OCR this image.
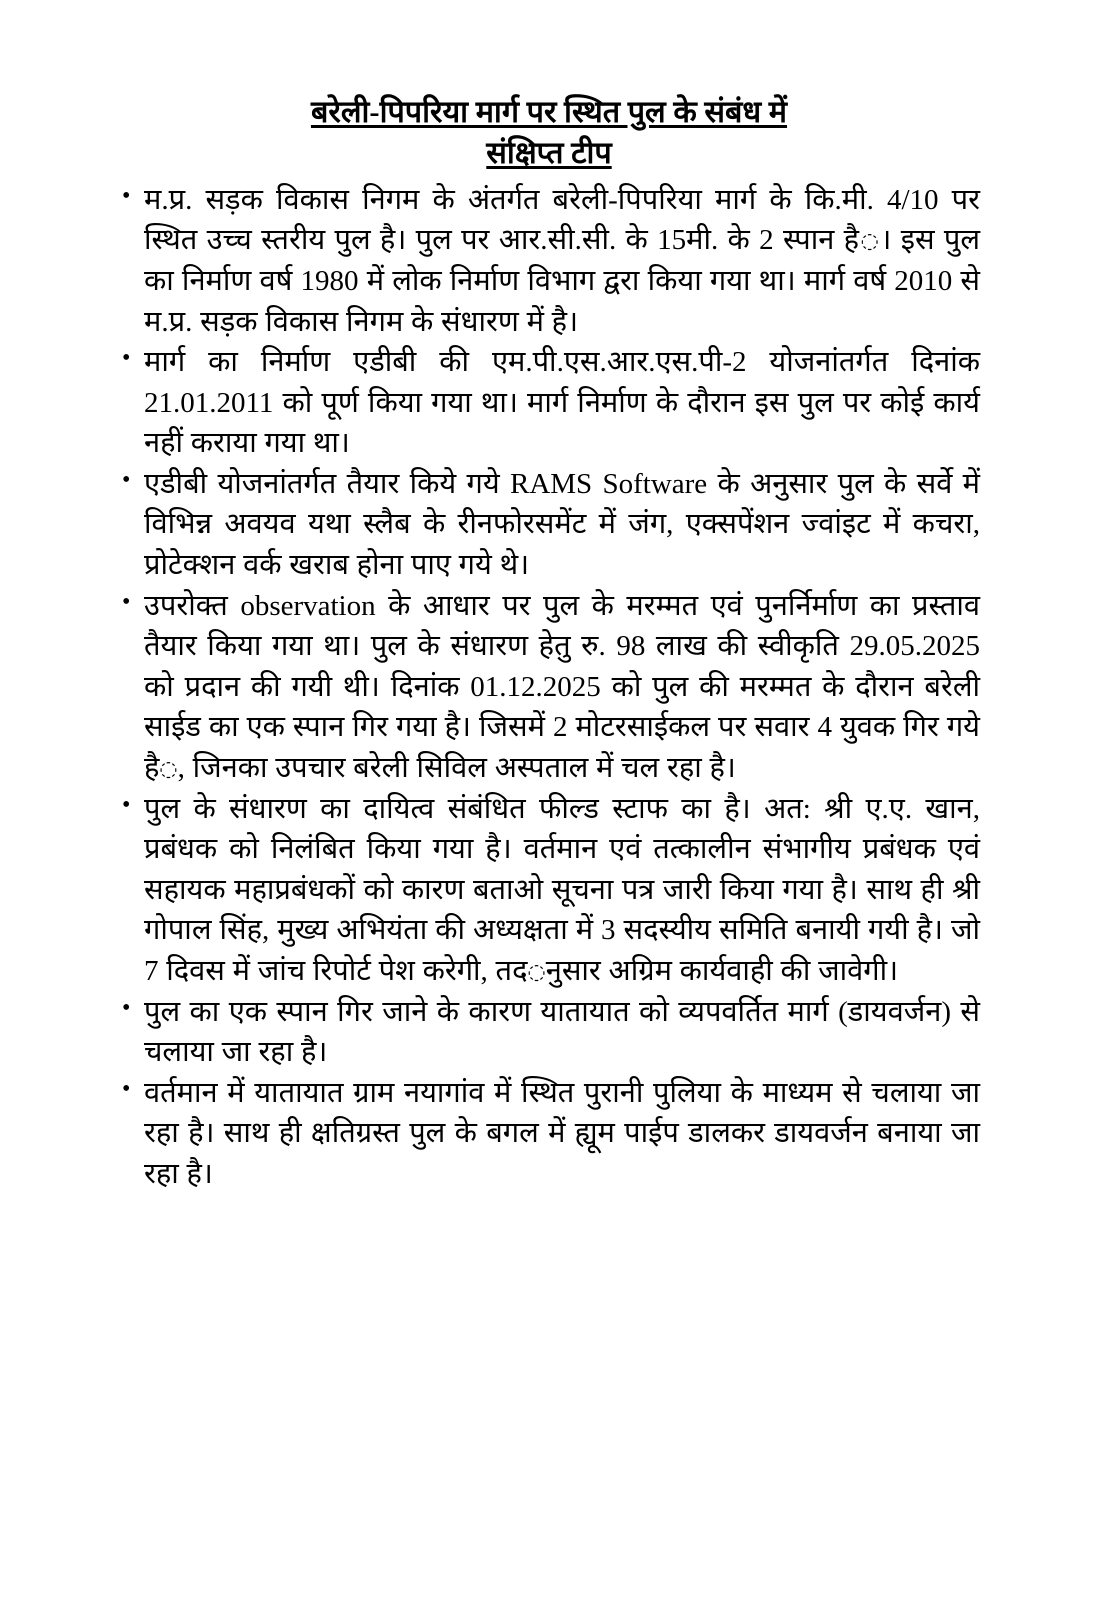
बरेली-पिपरिया मार्ग पर स्थित पुल के संबंध में
संक्षिप्त टीप
• म.प्र. सड़क विकास निगम के अंतर्गत बरेली-पिपरिया मार्ग के कि.मी. 4/10 पर स्थित उच्च स्तरीय पुल है। पुल पर आर.सी.सी. के 15मी. के 2 स्पान है◌। इस पुल का निर्माण वर्ष 1980 में लोक निर्माण विभाग द्वरा किया गया था। मार्ग वर्ष 2010 से म.प्र. सड़क विकास निगम के संधारण में है।
• मार्ग का निर्माण एडीबी की एम.पी.एस.आर.एस.पी-2 योजनांतर्गत दिनांक 21.01.2011 को पूर्ण किया गया था। मार्ग निर्माण के दौरान इस पुल पर कोई कार्य नहीं कराया गया था।
• एडीबी योजनांतर्गत तैयार किये गये RAMS Software के अनुसार पुल के सर्वे में विभिन्न अवयव यथा स्लैब के रीनफोरसमेंट में जंग, एक्सपेंशन ज्वांइट में कचरा, प्रोटेक्शन वर्क खराब होना पाए गये थे।
• उपरोक्त observation के आधार पर पुल के मरम्मत एवं पुनर्निर्माण का प्रस्ताव तैयार किया गया था। पुल के संधारण हेतु रु. 98 लाख की स्वीकृति 29.05.2025 को प्रदान की गयी थी। दिनांक 01.12.2025 को पुल की मरम्मत के दौरान बरेली साईड का एक स्पान गिर गया है। जिसमें 2 मोटरसाईकल पर सवार 4 युवक गिर गये है◌, जिनका उपचार बरेली सिविल अस्पताल में चल रहा है।
• पुल के संधारण का दायित्व संबंधित फील्ड स्टाफ का है। अत: श्री ए.ए. खान, प्रबंधक को निलंबित किया गया है। वर्तमान एवं तत्कालीन संभागीय प्रबंधक एवं सहायक महाप्रबंधकों को कारण बताओ सूचना पत्र जारी किया गया है। साथ ही श्री गोपाल सिंह, मुख्य अभियंता की अध्यक्षता में 3 सदस्यीय समिति बनायी गयी है। जो 7 दिवस में जांच रिपोर्ट पेश करेगी, तद◌नुसार अग्रिम कार्यवाही की जावेगी।
• पुल का एक स्पान गिर जाने के कारण यातायात को व्यपवर्तित मार्ग (डायवर्जन) से चलाया जा रहा है।
• वर्तमान में यातायात ग्राम नयागांव में स्थित पुरानी पुलिया के माध्यम से चलाया जा रहा है। साथ ही क्षतिग्रस्त पुल के बगल में ह्यूम पाईप डालकर डायवर्जन बनाया जा रहा है।
